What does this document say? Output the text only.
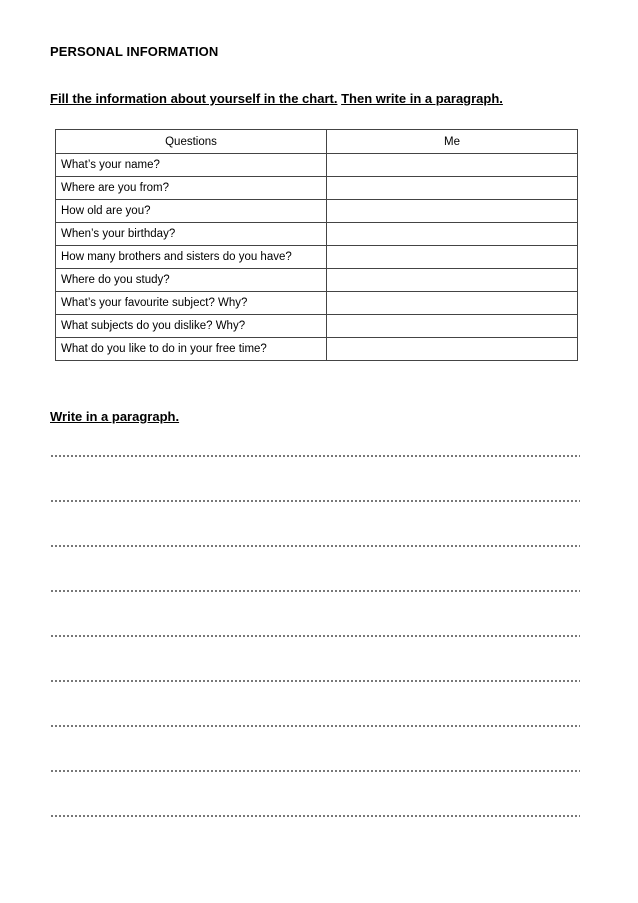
PERSONAL INFORMATION

Fill the information about yourself in the chart. Then write in a paragraph.

Questions	Me
What’s your name?	
Where are you from?	
How old are you?	
When’s your birthday?	
How many brothers and sisters do you have?	
Where do you study?	
What’s your favourite subject? Why?	
What subjects do you dislike? Why?	
What do you like to do in your free time?	
Write in a paragraph.
